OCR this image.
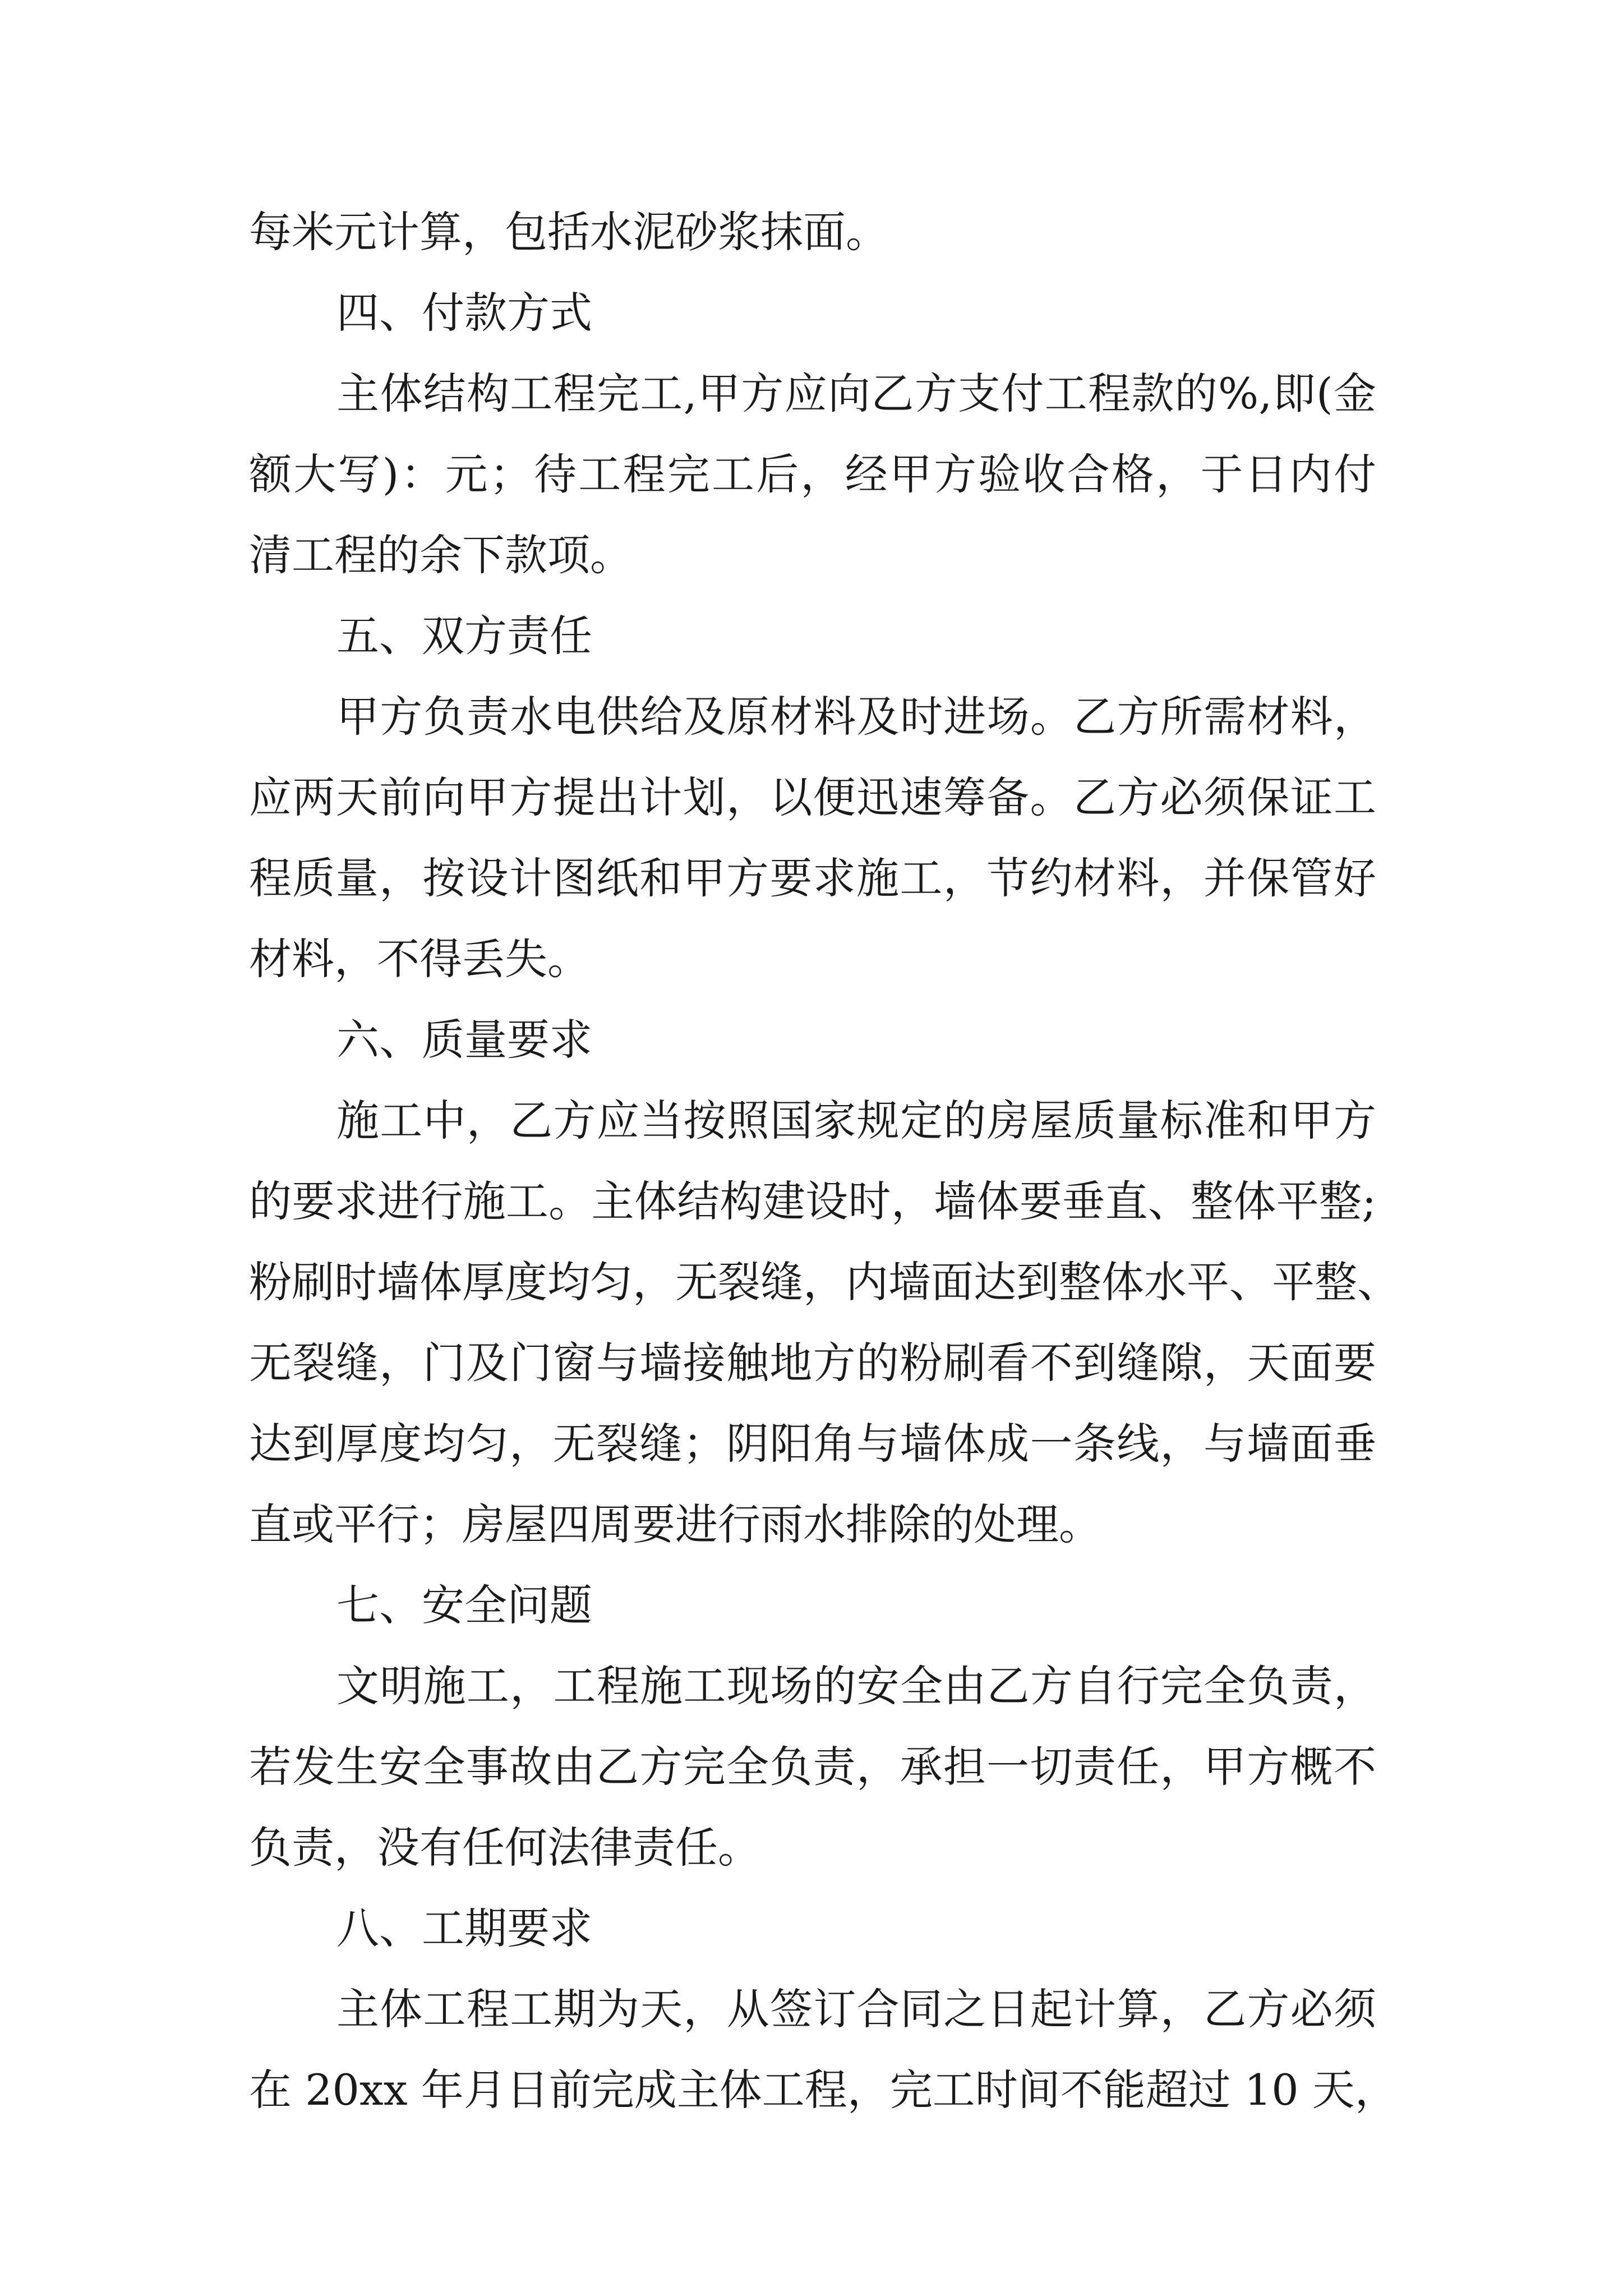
每米元计算，包括水泥砂浆抹面。
四、付款方式
主体结构工程完工,甲方应向乙方支付工程款的%,即(金
额大写)：元；待工程完工后，经甲方验收合格，于日内付
清工程的余下款项。
五、双方责任
甲方负责水电供给及原材料及时进场。乙方所需材料，
应两天前向甲方提出计划，以便迅速筹备。乙方必须保证工
程质量，按设计图纸和甲方要求施工，节约材料，并保管好
材料，不得丢失。
六、质量要求
施工中，乙方应当按照国家规定的房屋质量标准和甲方
的要求进行施工。主体结构建设时，墙体要垂直、整体平整;
粉刷时墙体厚度均匀，无裂缝，内墙面达到整体水平、平整、
无裂缝，门及门窗与墙接触地方的粉刷看不到缝隙，天面要
达到厚度均匀，无裂缝；阴阳角与墙体成一条线，与墙面垂
直或平行；房屋四周要进行雨水排除的处理。
七、安全问题
文明施工，工程施工现场的安全由乙方自行完全负责，
若发生安全事故由乙方完全负责，承担一切责任，甲方概不
负责，没有任何法律责任。
八、工期要求
主体工程工期为天，从签订合同之日起计算，乙方必须
在 20xx 年月日前完成主体工程，完工时间不能超过 10 天，
